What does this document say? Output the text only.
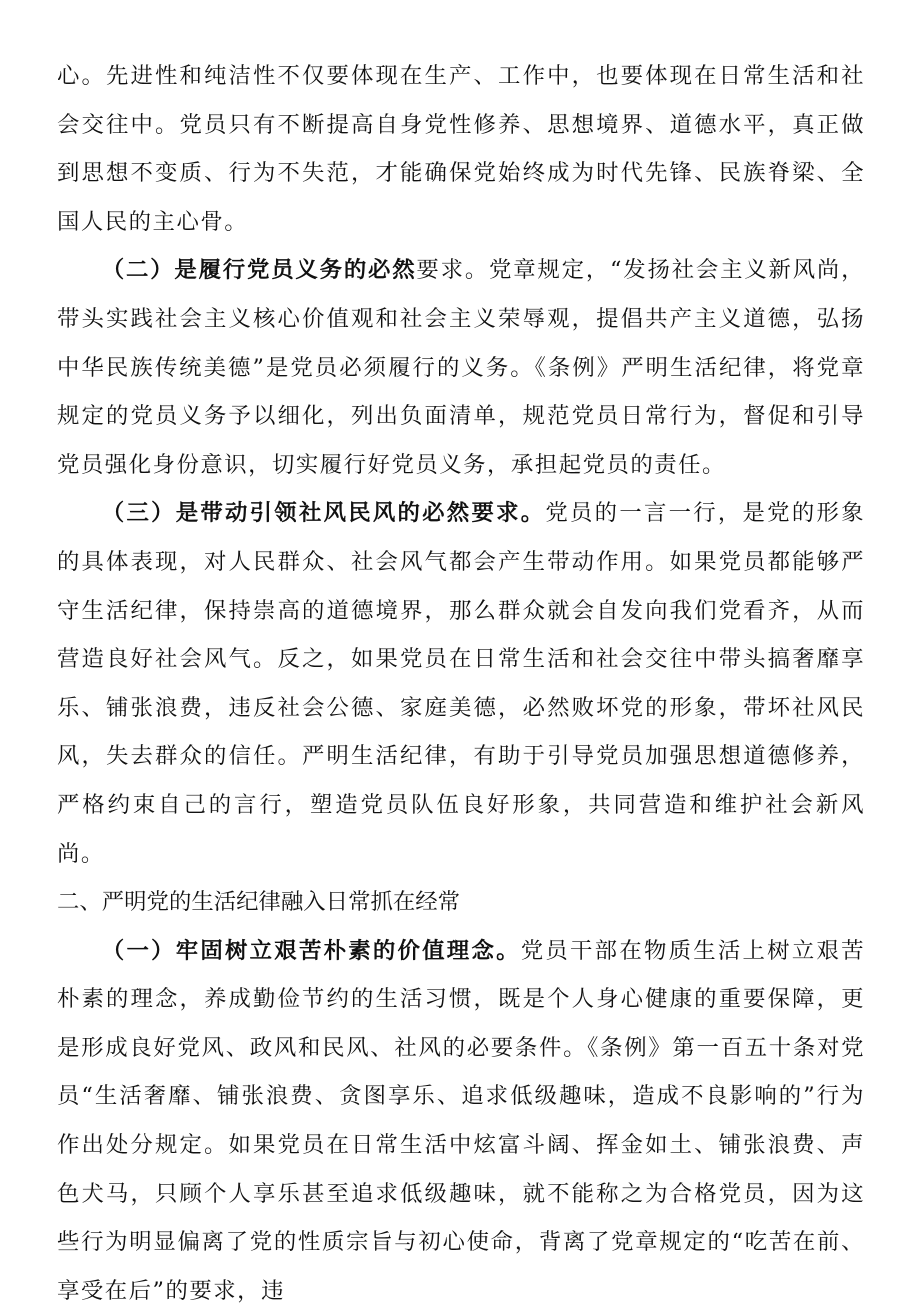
心。先进性和纯洁性不仅要体现在生产、工作中，也要体现在日常生活和社会交往中。党员只有不断提高自身党性修养、思想境界、道德水平，真正做到思想不变质、行为不失范，才能确保党始终成为时代先锋、民族脊梁、全国人民的主心骨。

（二）是履行党员义务的必然要求。党章规定，“发扬社会主义新风尚，带头实践社会主义核心价值观和社会主义荣辱观，提倡共产主义道德，弘扬中华民族传统美德”是党员必须履行的义务。《条例》严明生活纪律，将党章规定的党员义务予以细化，列出负面清单，规范党员日常行为，督促和引导党员强化身份意识，切实履行好党员义务，承担起党员的责任。

（三）是带动引领社风民风的必然要求。党员的一言一行，是党的形象的具体表现，对人民群众、社会风气都会产生带动作用。如果党员都能够严守生活纪律，保持崇高的道德境界，那么群众就会自发向我们党看齐，从而营造良好社会风气。反之，如果党员在日常生活和社会交往中带头搞奢靡享乐、铺张浪费，违反社会公德、家庭美德，必然败坏党的形象，带坏社风民风，失去群众的信任。严明生活纪律，有助于引导党员加强思想道德修养，严格约束自己的言行，塑造党员队伍良好形象，共同营造和维护社会新风尚。

二、严明党的生活纪律融入日常抓在经常

（一）牢固树立艰苦朴素的价值理念。党员干部在物质生活上树立艰苦朴素的理念，养成勤俭节约的生活习惯，既是个人身心健康的重要保障，更是形成良好党风、政风和民风、社风的必要条件。《条例》第一百五十条对党员“生活奢靡、铺张浪费、贪图享乐、追求低级趣味，造成不良影响的”行为作出处分规定。如果党员在日常生活中炫富斗阔、挥金如土、铺张浪费、声色犬马，只顾个人享乐甚至追求低级趣味，就不能称之为合格党员，因为这些行为明显偏离了党的性质宗旨与初心使命，背离了党章规定的“吃苦在前、享受在后”的要求，违
